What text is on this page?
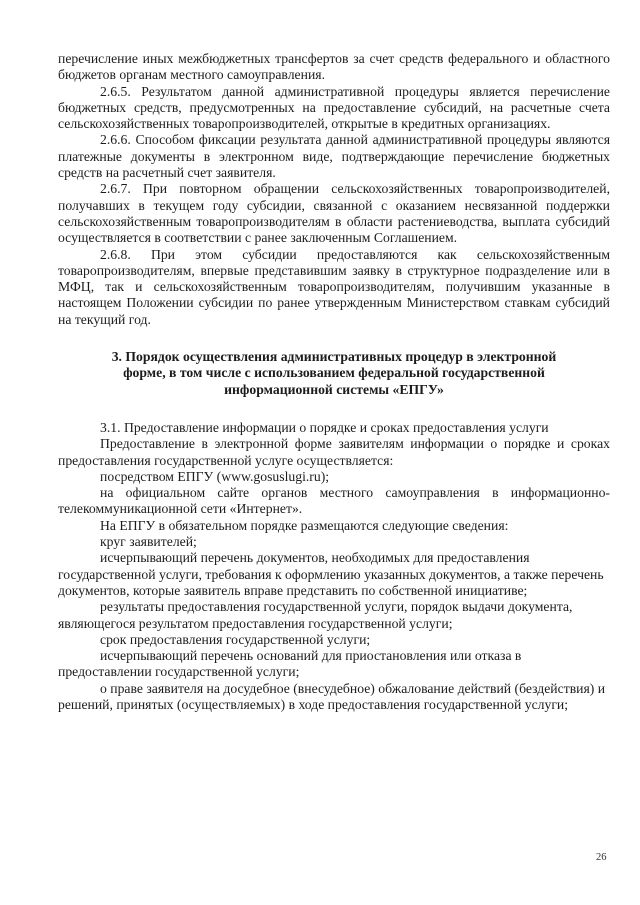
перечисление иных межбюджетных трансфертов за счет средств федерального и областного бюджетов органам местного самоуправления.

2.6.5. Результатом данной административной процедуры является перечисление бюджетных средств, предусмотренных на предоставление субсидий, на расчетные счета сельскохозяйственных товаропроизводителей, открытые в кредитных организациях.

2.6.6. Способом фиксации результата данной административной процедуры являются платежные документы в электронном виде, подтверждающие перечисление бюджетных средств на расчетный счет заявителя.

2.6.7. При повторном обращении сельскохозяйственных товаропроизводителей, получавших в текущем году субсидии, связанной с оказанием несвязанной поддержки сельскохозяйственным товаропроизводителям в области растениеводства, выплата субсидий осуществляется в соответствии с ранее заключенным Соглашением.

2.6.8. При этом субсидии предоставляются как сельскохозяйственным товаропроизводителям, впервые представившим заявку в структурное подразделение или в МФЦ, так и сельскохозяйственным товаропроизводителям, получившим указанные в настоящем Положении субсидии по ранее утвержденным Министерством ставкам субсидий на текущий год.

3. Порядок осуществления административных процедур в электронной
форме, в том числе с использованием федеральной государственной
информационной системы «ЕПГУ»

3.1. Предоставление информации о порядке и сроках предоставления услуги

Предоставление в электронной форме заявителям информации о порядке и сроках предоставления государственной услуге осуществляется:

посредством ЕПГУ (www.gosuslugi.ru);

на официальном сайте органов местного самоуправления в информационно-телекоммуникационной сети «Интернет».

На ЕПГУ в обязательном порядке размещаются следующие сведения:

круг заявителей;

исчерпывающий перечень документов, необходимых для предоставления государственной услуги, требования к оформлению указанных документов, а также перечень документов, которые заявитель вправе представить по собственной инициативе;

результаты предоставления государственной услуги, порядок выдачи документа, являющегося результатом предоставления государственной услуги;

срок предоставления государственной услуги;

исчерпывающий перечень оснований для приостановления или отказа в предоставлении государственной услуги;

о праве заявителя на досудебное (внесудебное) обжалование действий (бездействия) и решений, принятых (осуществляемых) в ходе предоставления государственной услуги;

26
